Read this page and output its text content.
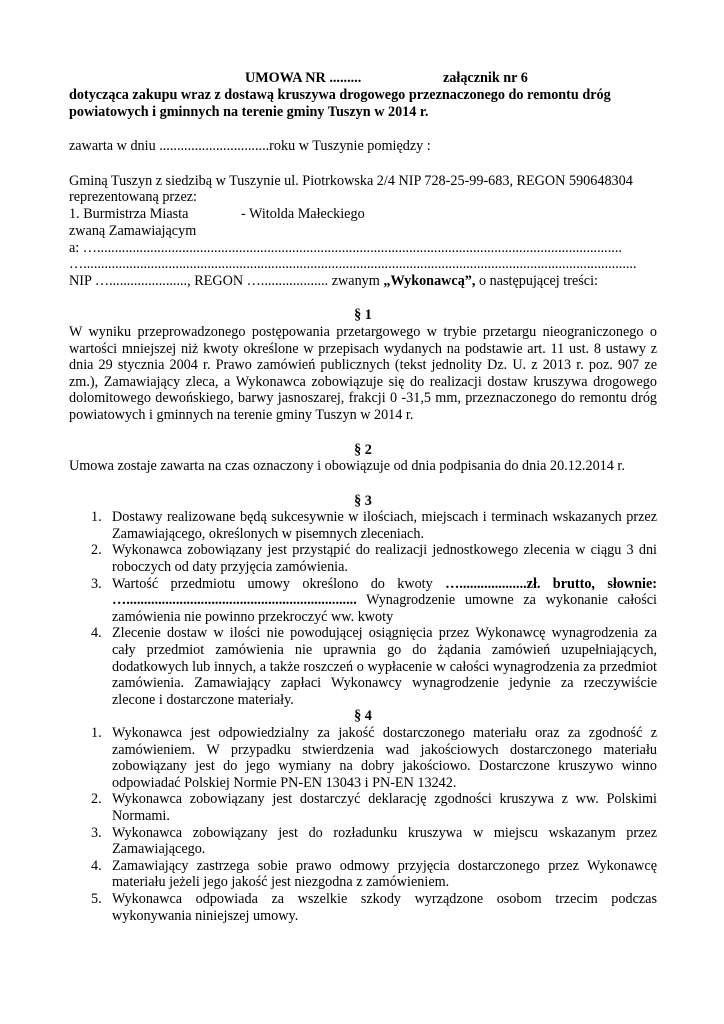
UMOWA NR .........	załącznik nr 6

dotycząca zakupu wraz z dostawą kruszywa drogowego przeznaczonego do remontu dróg powiatowych i gminnych na terenie gminy Tuszyn w 2014 r.

zawarta w dniu ...............................roku w Tuszynie pomiędzy :

Gminą Tuszyn z siedzibą w Tuszynie ul. Piotrkowska 2/4 NIP 728-25-99-683, REGON 590648304

reprezentowaną przez:

1. Burmistrza Miasta	- Witolda Małeckiego

zwaną Zamawiającym

a: …....................................................................................................................................................

…............................................................................................................................................................

NIP …......................, REGON …................... zwanym „Wykonawcą”, o następującej treści:

§ 1

W wyniku przeprowadzonego postępowania przetargowego w trybie przetargu nieograniczonego o wartości mniejszej niż kwoty określone w przepisach wydanych na podstawie art. 11 ust. 8 ustawy z dnia 29 stycznia 2004 r. Prawo zamówień publicznych (tekst jednolity Dz. U. z 2013 r. poz. 907 ze zm.), Zamawiający zleca, a Wykonawca zobowiązuje się do realizacji dostaw kruszywa drogowego dolomitowego dewońskiego, barwy jasnoszarej, frakcji 0 -31,5 mm, przeznaczonego do remontu dróg powiatowych i gminnych na terenie gminy Tuszyn w 2014 r.

§ 2

Umowa zostaje zawarta na czas oznaczony i obowiązuje od dnia podpisania do dnia 20.12.2014 r.

§ 3

1. Dostawy realizowane będą sukcesywnie w ilościach, miejscach i terminach wskazanych przez Zamawiającego, określonych w pisemnych zleceniach.
2. Wykonawca zobowiązany jest przystąpić do realizacji jednostkowego zlecenia w ciągu 3 dni roboczych od daty przyjęcia zamówienia.
3. Wartość przedmiotu umowy określono do kwoty …...................zł. brutto, słownie: …................................................................. Wynagrodzenie umowne za wykonanie całości zamówienia nie powinno przekroczyć ww. kwoty
4. Zlecenie dostaw w ilości nie powodującej osiągnięcia przez Wykonawcę wynagrodzenia za cały przedmiot zamówienia nie uprawnia go do żądania zamówień uzupełniających, dodatkowych lub innych, a także roszczeń o wypłacenie w całości wynagrodzenia za przedmiot zamówienia. Zamawiający zapłaci Wykonawcy wynagrodzenie jedynie za rzeczywiście zlecone i dostarczone materiały.

§ 4

1. Wykonawca jest odpowiedzialny za jakość dostarczonego materiału oraz za zgodność z zamówieniem. W przypadku stwierdzenia wad jakościowych dostarczonego materiału zobowiązany jest do jego wymiany na dobry jakościowo. Dostarczone kruszywo winno odpowiadać Polskiej Normie PN-EN 13043 i PN-EN 13242.
2. Wykonawca zobowiązany jest dostarczyć deklarację zgodności kruszywa z ww. Polskimi Normami.
3. Wykonawca zobowiązany jest do rozładunku kruszywa w miejscu wskazanym przez Zamawiającego.
4. Zamawiający zastrzega sobie prawo odmowy przyjęcia dostarczonego przez Wykonawcę materiału jeżeli jego jakość jest niezgodna z zamówieniem.
5. Wykonawca odpowiada za wszelkie szkody wyrządzone osobom trzecim podczas wykonywania niniejszej umowy.
